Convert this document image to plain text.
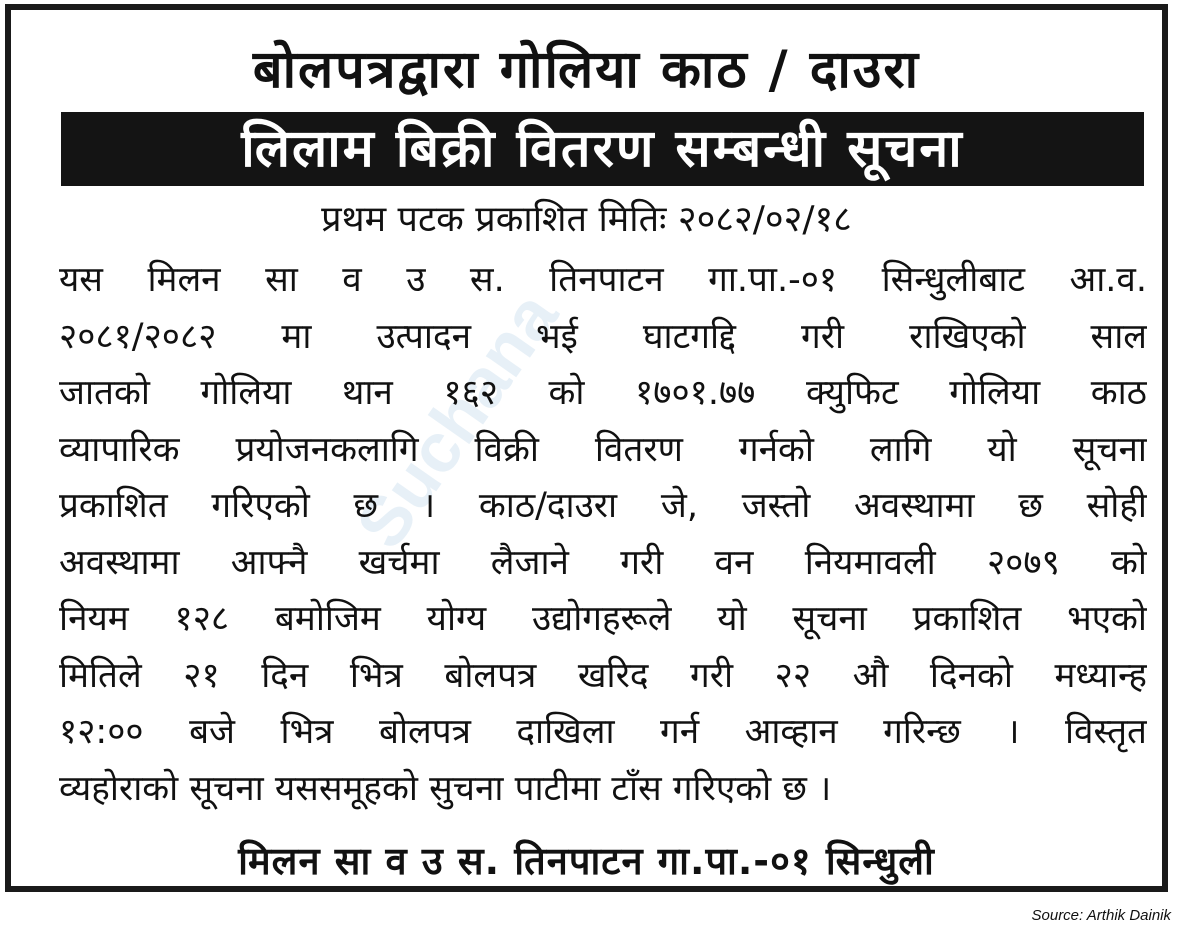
Suchana
बोलपत्रद्वारा गोलिया काठ / दाउरा
लिलाम बिक्री वितरण सम्बन्धी सूचना
प्रथम पटक प्रकाशित मितिः २०८२/०२/१८
यस मिलन सा व उ स. तिनपाटन गा.पा.-०१ सिन्धुलीबाट आ.व.
२०८१/२०८२ मा उत्पादन भई घाटगद्दि गरी राखिएको साल
जातको गोलिया थान १६२ को १७०१.७७ क्युफिट गोलिया काठ
व्यापारिक प्रयोजनकलागि विक्री वितरण गर्नको लागि यो सूचना
प्रकाशित गरिएको छ । काठ/दाउरा जे, जस्तो अवस्थामा छ सोही
अवस्थामा आफ्नै खर्चमा लैजाने गरी वन नियमावली २०७९ को
नियम १२८ बमोजिम योग्य उद्योगहरूले यो सूचना प्रकाशित भएको
मितिले २१ दिन भित्र बोलपत्र खरिद गरी २२ औ दिनको मध्यान्ह
१२:०० बजे भित्र बोलपत्र दाखिला गर्न आव्हान गरिन्छ । विस्तृत
व्यहोराको सूचना यससमूहको सुचना पाटीमा टाँस गरिएको छ ।
मिलन सा व उ स. तिनपाटन गा.पा.-०१ सिन्धुली
Source: Arthik Dainik
